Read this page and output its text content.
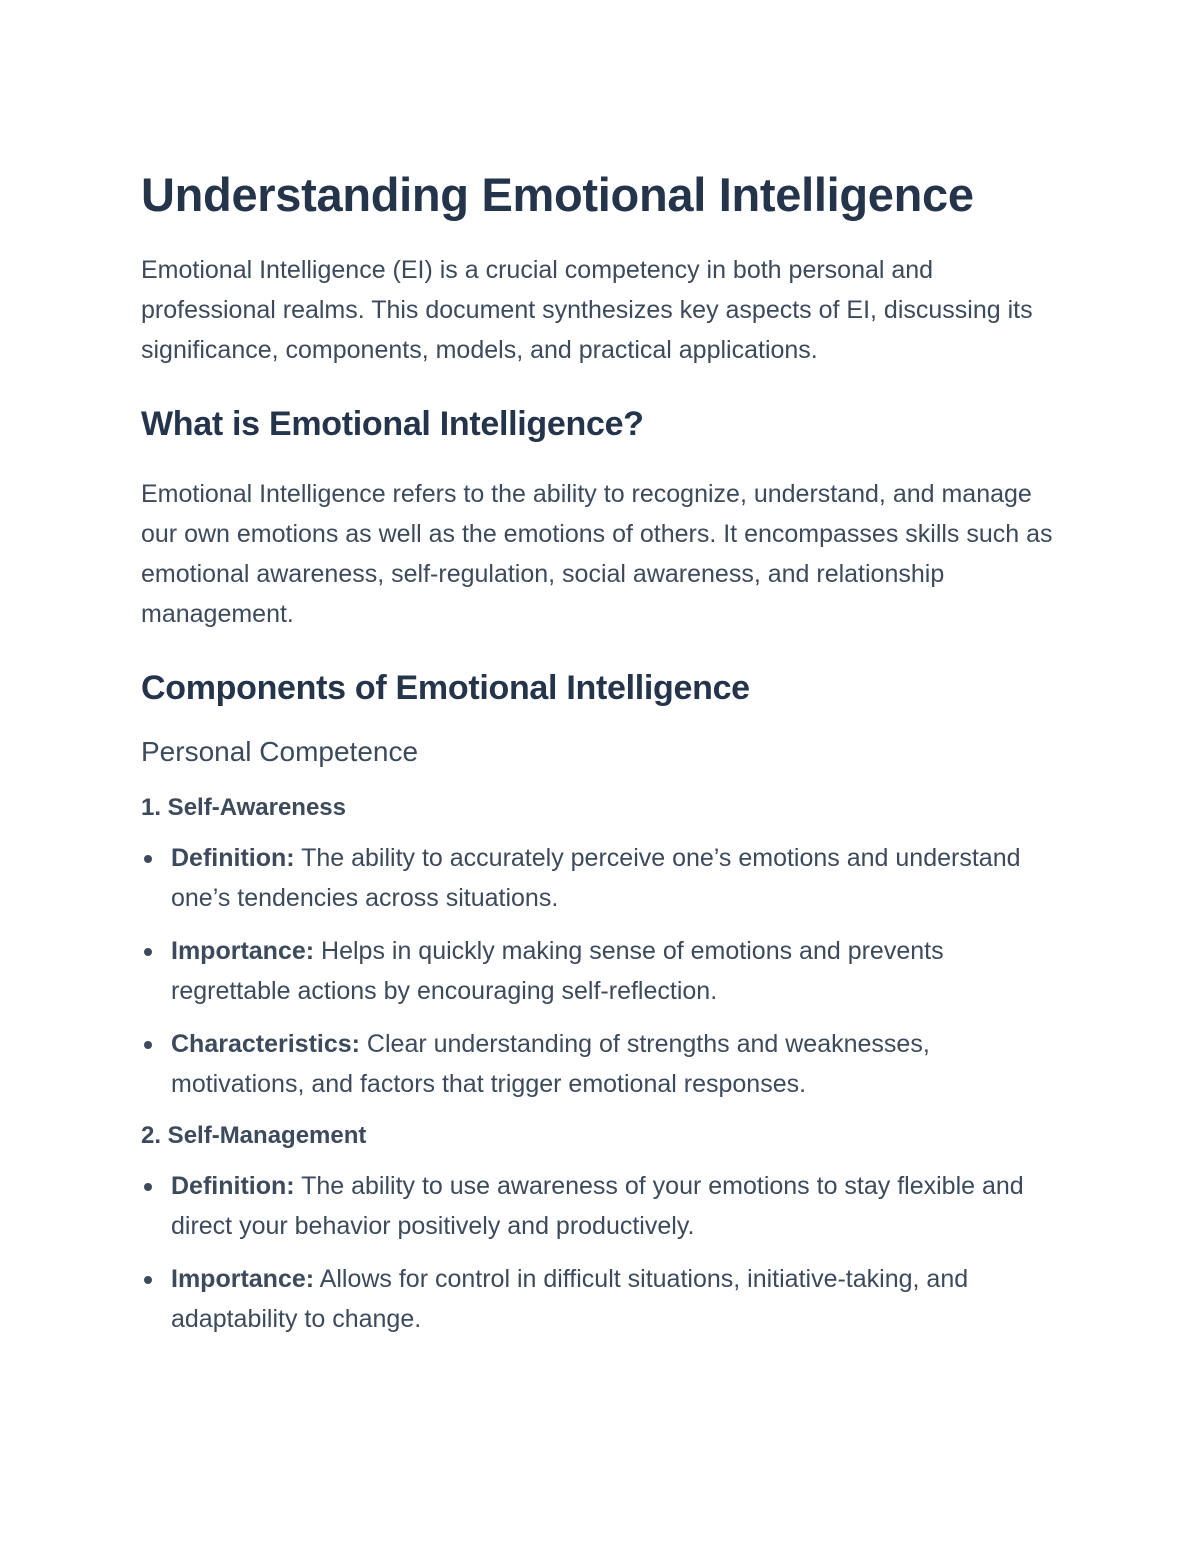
Understanding Emotional Intelligence

Emotional Intelligence (EI) is a crucial competency in both personal and professional realms. This document synthesizes key aspects of EI, discussing its significance, components, models, and practical applications.

What is Emotional Intelligence?

Emotional Intelligence refers to the ability to recognize, understand, and manage our own emotions as well as the emotions of others. It encompasses skills such as emotional awareness, self-regulation, social awareness, and relationship management.

Components of Emotional Intelligence
Personal Competence
1. Self-Awareness
Definition: The ability to accurately perceive one’s emotions and understand one’s tendencies across situations.
Importance: Helps in quickly making sense of emotions and prevents regrettable actions by encouraging self-reflection.
Characteristics: Clear understanding of strengths and weaknesses, motivations, and factors that trigger emotional responses.
2. Self-Management
Definition: The ability to use awareness of your emotions to stay flexible and direct your behavior positively and productively.
Importance: Allows for control in difficult situations, initiative-taking, and adaptability to change.
